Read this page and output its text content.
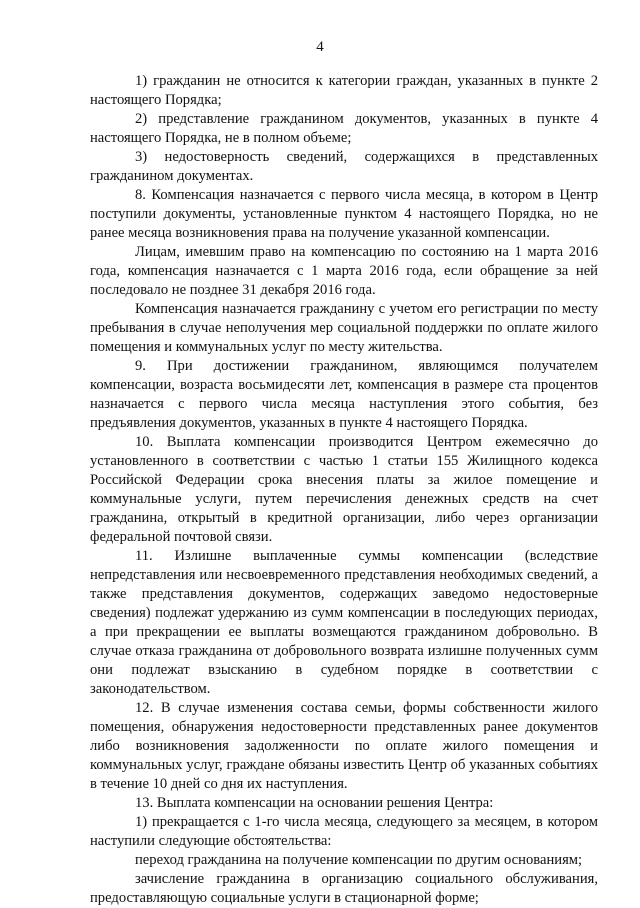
4

1) гражданин не относится к категории граждан, указанных в пункте 2 настоящего Порядка;

2) представление гражданином документов, указанных в пункте 4 настоящего Порядка, не в полном объеме;

3) недостоверность сведений, содержащихся в представленных гражданином документах.

8. Компенсация назначается с первого числа месяца, в котором в Центр поступили документы, установленные пунктом 4 настоящего Порядка, но не ранее месяца возникновения права на получение указанной компенсации.

Лицам, имевшим право на компенсацию по состоянию на 1 марта 2016 года, компенсация назначается с 1 марта 2016 года, если обращение за ней последовало не позднее 31 декабря 2016 года.

Компенсация назначается гражданину с учетом его регистрации по месту пребывания в случае неполучения мер социальной поддержки по оплате жилого помещения и коммунальных услуг по месту жительства.

9. При достижении гражданином, являющимся получателем компенсации, возраста восьмидесяти лет, компенсация в размере ста процентов назначается с первого числа месяца наступления этого события, без предъявления документов, указанных в пункте 4 настоящего Порядка.

10. Выплата компенсации производится Центром ежемесячно до установленного в соответствии с частью 1 статьи 155 Жилищного кодекса Российской Федерации срока внесения платы за жилое помещение и коммунальные услуги, путем перечисления денежных средств на счет гражданина, открытый в кредитной организации, либо через организации федеральной почтовой связи.

11. Излишне выплаченные суммы компенсации (вследствие непредставления или несвоевременного представления необходимых сведений, а также представления документов, содержащих заведомо недостоверные сведения) подлежат удержанию из сумм компенсации в последующих периодах, а при прекращении ее выплаты возмещаются гражданином добровольно. В случае отказа гражданина от добровольного возврата излишне полученных сумм они подлежат взысканию в судебном порядке в соответствии с законодательством.

12. В случае изменения состава семьи, формы собственности жилого помещения, обнаружения недостоверности представленных ранее документов либо возникновения задолженности по оплате жилого помещения и коммунальных услуг, граждане обязаны известить Центр об указанных событиях в течение 10 дней со дня их наступления.

13. Выплата компенсации на основании решения Центра:

1) прекращается с 1-го числа месяца, следующего за месяцем, в котором наступили следующие обстоятельства:

переход гражданина на получение компенсации по другим основаниям;

зачисление гражданина в организацию социального обслуживания, предоставляющую социальные услуги в стационарной форме;
